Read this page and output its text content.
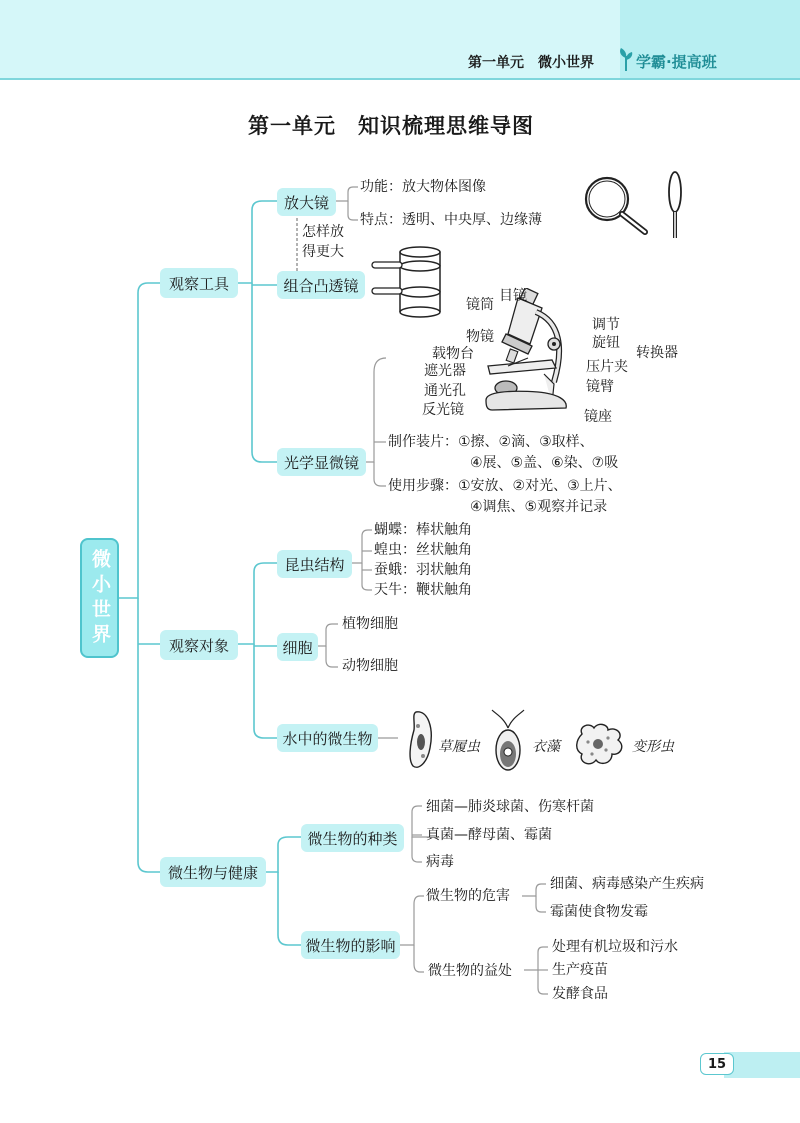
第一单元　微小世界	学霸·提高班
第一单元　知识梳理思维导图
草履虫	衣藻	变形虫
微小世界
观察工具
观察对象
微生物与健康
放大镜
功能：放大物体图像
特点：透明、中央厚、边缘薄
怎样放
得更大
组合凸透镜
光学显微镜
目镜
镜筒
调节
旋钮
物镜
转换器
载物台
遮光器	压片夹
通光孔	镜臂
反光镜	镜座
制作装片：①擦、②滴、③取样、
④展、⑤盖、⑥染、⑦吸
使用步骤：①安放、②对光、③上片、
④调焦、⑤观察并记录
昆虫结构
蝴蝶：棒状触角
蝗虫：丝状触角
蚕蛾：羽状触角
天牛：鞭状触角
细胞
植物细胞
动物细胞
水中的微生物
微生物的种类
细菌—肺炎球菌、伤寒杆菌
真菌—酵母菌、霉菌
病毒
微生物的影响
微生物的危害
细菌、病毒感染产生疾病
霉菌使食物发霉
微生物的益处
处理有机垃圾和污水
生产疫苗
发酵食品
15
